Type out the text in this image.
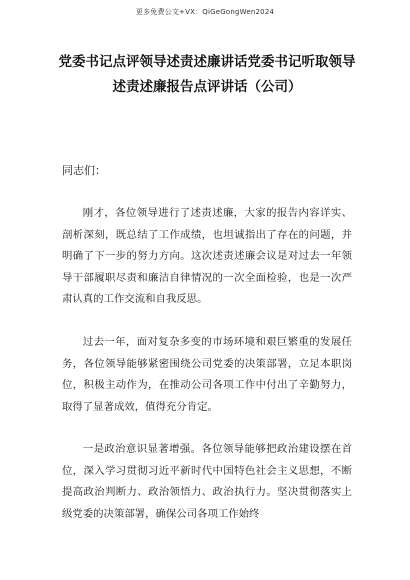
更多免费公文+VX：QiGeGongWen2024
党委书记点评领导述责述廉讲话党委书记听取领导述责述廉报告点评讲话（公司）
同志们：

刚才，各位领导进行了述责述廉，大家的报告内容详实、剖析深刻，既总结了工作成绩，也坦诚指出了存在的问题，并明确了下一步的努力方向。这次述责述廉会议是对过去一年领导干部履职尽责和廉洁自律情况的一次全面检验，也是一次严肃认真的工作交流和自我反思。

过去一年，面对复杂多变的市场环境和艰巨繁重的发展任务，各位领导能够紧密围绕公司党委的决策部署，立足本职岗位，积极主动作为，在推动公司各项工作中付出了辛勤努力，取得了显著成效，值得充分肯定。

一是政治意识显著增强。各位领导能够把政治建设摆在首位，深入学习贯彻习近平新时代中国特色社会主义思想，不断提高政治判断力、政治领悟力、政治执行力。坚决贯彻落实上级党委的决策部署，确保公司各项工作始终
